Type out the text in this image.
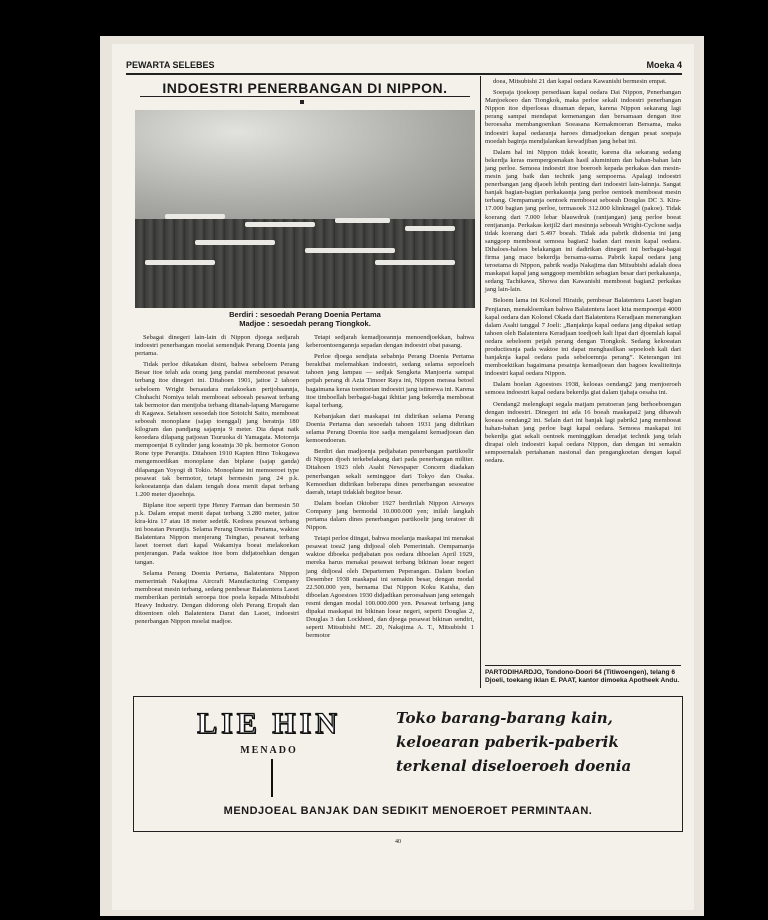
PEWARTA SELEBES	Moeka 4
INDOESTRI PENERBANGAN DI NIPPON.
Berdiri : sesoedah Perang Doenia Pertama
Madjoe : sesoedah perang Tiongkok.

Sebagai dinegeri lain-lain di Nippon djoega sedjarah indoestri penerbangan moelai semendjak Perang Doenia jang pertama.

Tidak perloe dikatakan disini, bahwa sebeloem Perang Besar itoe telah ada orang jang pandai membeoeat pesawat terbang itoe dinegeri ini. Ditahoen 1901, jaitoe 2 tahoen sebeloem Wright bersaudara melakoekan pertjobaannja, Chuhachi Nomiya telah memboeat seboeah pesawat terbang tak bermotor dan mentjoba terbang ditanah-lapang Marugame di Kagawa. Setahoen sesoedah itoe Sotoichi Saito, memboeat seboeah monoplane (sajap toenggal) jang beratnja 180 kilogram dan pandjang sajapnja 9 meter. Dia dapat naik keoedara dilapang patjoean Tsuruoka di Yamagata. Motornja mempoenjai 8 cylinder jang koeatnja 30 pk. bermotor Gonon Rone type Perantjis. Ditahoen 1910 Kapten Hino Tokugawa mengemoedikan monoplane dan biplane (sajap ganda) dilapangan Yoyogi di Tokio. Monoplane ini memoeroet type pesawat tak bermotor, tetapi bermesin jang 24 p.k. kekoeatannja dan dalam tengah doea menit dapat terbang 1.200 meter djaoehnja.

Biplane itoe seperti type Henry Farman dan bermesin 50 p.k. Dalam empat menit dapat terbang 3.280 meter, jaitoe kira-kira 17 atau 18 meter sedetik. Kedoea pesawat terbang ini boeatan Perantjis. Selama Perang Doenia Pertama, waktoe Balatentara Nippon menjerang Tsingtao, pesawat terbang laoet toeroet dari kapal Wakamiya boeat melakoekan penjerangan. Pada waktoe itoe bom didjatoehkan dengan tangan.

Selama Perang Doenia Pertama, Balatentara Nippon memerintah Nakajima Aircraft Manufacturing Company memboeat mesin terbang, sedang pembesar Balatentera Laoet memberikan perintah seroepa itoe poela kepada Mitsubishi Heavy Industry. Dengan didorong oleh Perang Eropah dan ditoentoen oleh Balatentera Darat dan Laoet, indoestri penerbangan Nippon moelai madjoe.

Tetapi sedjarah kemadjoeannja menoendjoekkan, bahwa keberoentoengannja sepadan dengan indoestri obat pasang.

Perloe djoega sendjata sebabnja Perang Doenia Pertama berakibat melemahkan indoestri, sedang selama sepoeloeh tahoen jang lampau — sedjak Sengketa Manjoeria sampai petjah perang di Azia Timoer Raya ini, Nippon merasa betoel bagaimana keras toentoetan indoestri jang istimewa ini. Karena itoe timboellah berbagai-bagai ikhtiar jang bekerdja memboeat kapal terbang.

Kebanjakan dari maskapai ini didirikan selama Perang Doenia Pertama dan sesoedah tahoen 1931 jang didirikan selama Perang Doenia itoe sadja mengalami kemadjoean dan kemoendoeran.

Berdiri dan madjoenja pedjabatan penerbangan partikoelir di Nippon djoeh terkebelakang dari pada penerbangan militer. Ditahoen 1923 oleh Asahi Newspaper Concern diadakan penerbangan sekali seminggoe dari Tokyo dan Osaka. Kemoedian didirikan beberapa dines penerbangan sesoeatoe daerah, tetapi tidaklah begitoe besar.

Dalam boelan Oktober 1927 berdirilah Nippon Airways Company jang bermodal 10.000.000 yen; inilah langkah pertama dalam dines penerbangan partikoelir jang teratoer di Nippon.

Tetapi perloe diingat, bahwa moelanja maskapai ini menakai pesawat toea2 jang didjoeal oleh Pemerintah. Oempamanja waktoe diboeka pedjabatan pos oedara diboelan April 1929, mereka harus menakai pesawat terbang bikinan loear negeri jang didjoeal oleh Departemen Peperangan. Dalam boelan Desember 1938 maskapai ini semakin besar, dengan modal 22.500.000 yen, bernama Dai Nippon Koku Kaisha, dan diboelan Agoestoes 1930 didjadikan peroesahaan jang setengah resmi dengan modal 100.000.000 yen. Pesawat terbang jang dipakai maskapai ini bikinan loear negeri, seperti Douglas 2, Douglas 3 dan Lockheed, dan djoega pesawat bikinan sendiri, seperti Mitsubishi MC. 20, Nakajima A. T., Mitsubishi 1 bermotor

doea, Mitsubishi 21 dan kapal oedara Kawanishi bermesin empat.

Soepaja tjoekoep persediaan kapal oedara Dai Nippon, Penerbangan Manjoekoeo dan Tiongkok, maka perloe sekali indoestri penerbangan Nippon itoe diperloeas diзaman depan, karena Nippon sekarang lagi perang sampai mendapat kemenangan dan bersamaan dengan itoe beroesaha membangoenkan Soeasana Kemakmoeran Bersama, maka indoestri kapal oedaranja haroes dimadjoekan dengan pesat soepaja moedah baginja mendjalankan kewadjiban jang hebat ini.

Dalam hal ini Nippon tidak koeatir, karena dia sekarang sedang bekerdja keras mempergoenakan hasil aluminium dan bahan-bahan lain jang perloe. Semoea indoestri itoe boeroeh kepada perkakas dan mesin-mesin jang baik dan technik jang sempoerna. Apalagi indoestri penerbangan jang djaoeh lebih penting dari indoestri lain-lainnja. Sangat banjak bagian-bagian perkakasnja jang perloe oentoek memboeat mesin terbang. Oempamanja oentoek memboeat seboeah Douglas DC 3. Kira-17.000 bagian jang perloe, termasoek 312.000 klinknagel (pakoe). Tidak koerang dari 7.000 lebar blauwdruk (rantjangan) jang perloe boeat rentjananja. Perkakas ketjil2 dari mesinnja seboeah Wright-Cyclone sadja tidak koerang dari 5.497 boeah. Tidak ada pabrik didoenia ini jang sanggoep memboeat semoea bagian2 badan dari mesin kapal oedara. Dihaloes-haloes belakangan ini dadirikan dinegeri ini berbagai-bagai firma jang mace bekerdja bersama-sama. Pabrik kapal oedara jang teroetama di Nippon, pabrik wadja Nakajima dan Mitsubishi adalah doea maskapai kapal jang sanggoep membikin sebagian besar dari perkakasnja, sedang Tachikawa, Showa dan Kawanishi memboeat bagian2 perkakas jang lain-lain.

Beloem lama ini Kolonel Hiraide, pembesar Balatentera Laoet bagian Penjiaran, menakloemkan bahwa Balatentera laoet kita mempoenjai 4000 kapal oedara dan Kolonel Okada dari Balatentera Keradjaan menerangkan dalam Asahi tanggal 7 Joeli: „Banjaknja kapal oedara jang dipakai setiap tahoen oleh Balatentera Keradjaan toedjoeh kali lipat dari djoemlah kapal oedara sebeloem petjah perang dengan Tiongkok. Sedang kekoeatan productiesnja pada waktoe ini dapat menghasilkan sepoeloeh kali dari banjaknja kapal oedara pada sebeloemnja perang”. Keterangan ini memboektikan bagaimana pesatnja kemadjoean dan bagoes kwaliteitnja indoestri kapal oedara Nippon.

Dalam boelan Agoestoes 1938, keloeas oendang2 jang menjoeroeh semoea indoestri kapal oedara bekerdja giat dalam tjahaja oesaha ini.

Oendang2 melengkapi segala matjam peratoeran jang berhoeboengan dengan indoestri. Dinegeri ini ada 16 boeah maskapai2 jang dibawah koeasa oendang2 ini. Selain dari ini banjak lagi pabrik2 jang memboeat bahan-bahan jang perloe bagi kapal oedara. Semoea maskapai ini bekerdja giat sekali oentoek meninggikan deradjat technik jang telah dirapai oleh indoestri kapal oedara Nippon, dan dengan ini semakin sempoernalah pertahanan nasional dan pengangkoetan dengan kapal oedara.

PARTODIHARDJO, Tondono-Doori 64 (Titiwoengen), telang 6 Djoeli, toekang iklan E. PAAT, kantor dimoeka Apotheek Andu.
LIE HIN
MENADO
Toko barang-barang kain,
keloearan paberik-paberik
terkenal diseloeroeh doenia
MENDJOEAL BANJAK DAN SEDIKIT MENOEROET PERMINTAAN.
40
